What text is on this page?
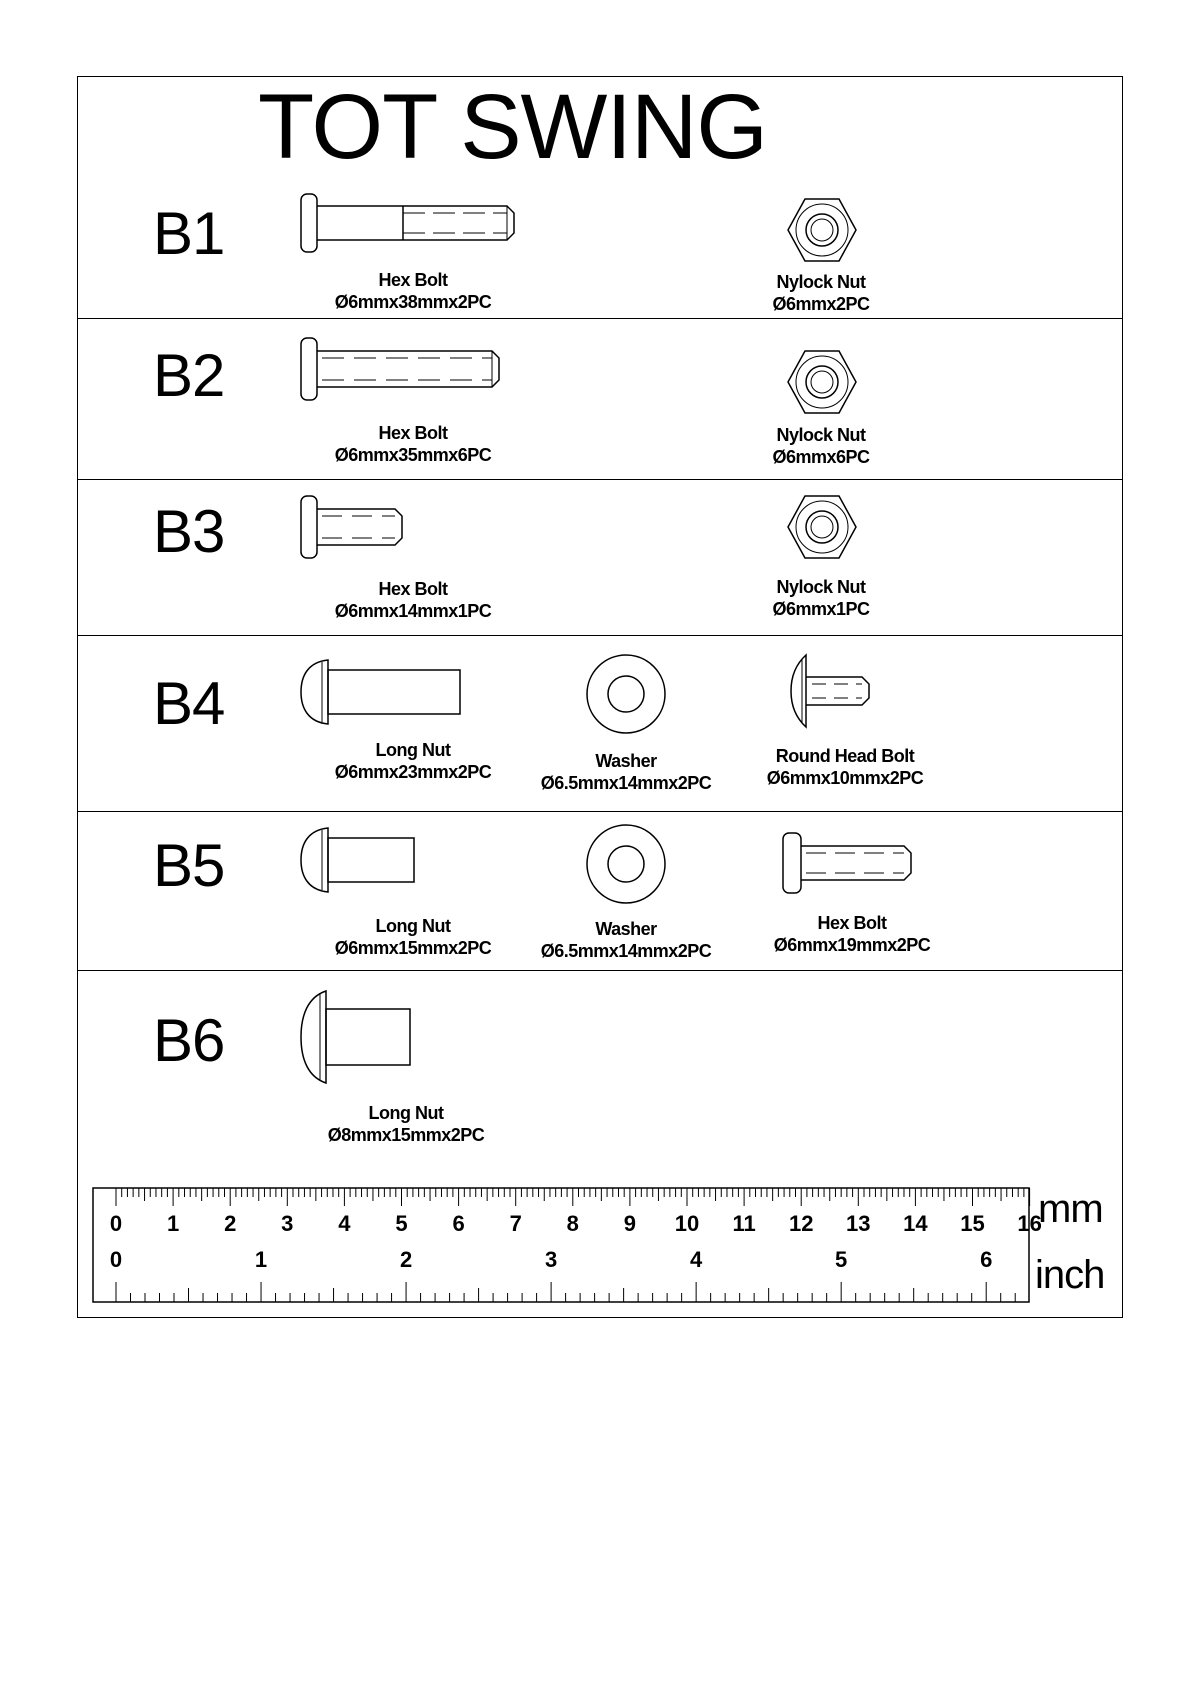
TOT SWING
B1
Hex Bolt
Ø6mmx38mmx2PC
Nylock Nut
Ø6mmx2PC
B2
Hex Bolt
Ø6mmx35mmx6PC
Nylock Nut
Ø6mmx6PC
B3
Hex Bolt
Ø6mmx14mmx1PC
Nylock Nut
Ø6mmx1PC
B4
Long Nut
Ø6mmx23mmx2PC
Washer
Ø6.5mmx14mmx2PC
Round Head Bolt
Ø6mmx10mmx2PC
B5
Long Nut
Ø6mmx15mmx2PC
Washer
Ø6.5mmx14mmx2PC
Hex Bolt
Ø6mmx19mmx2PC
B6
Long Nut
Ø8mmx15mmx2PC
0 1 2 3 4 5 6 7 8 9 10 11 12 13 14 15 16
0	1	2	3	4	5	6
mm
inch
